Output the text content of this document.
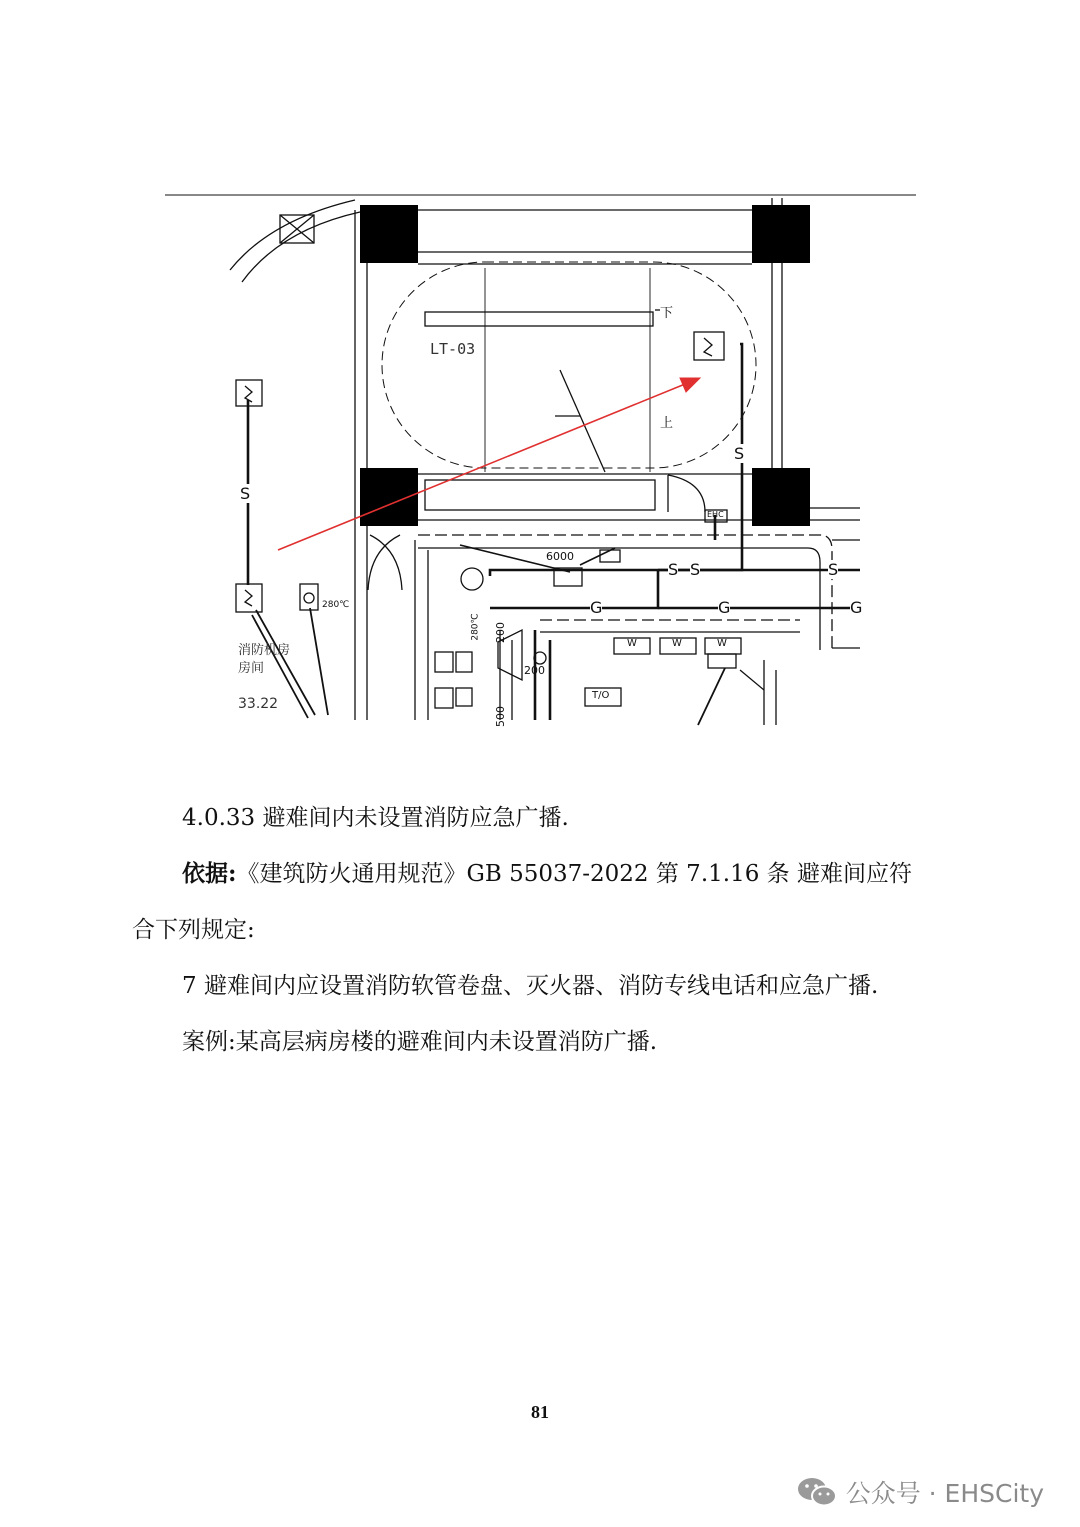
LT-03
下
上
S
S
S S	S
G	G	G
280℃
280℃ 200
200
6000
EHC
500
消防机房
房间
33.22
W	W	W
T/O

4.0.33 避难间内未设置消防应急广播.

依据:《建筑防火通用规范》GB 55037-2022 第 7.1.16 条 避难间应符

合下列规定:

7 避难间内应设置消防软管卷盘、灭火器、消防专线电话和应急广播.

案例:某高层病房楼的避难间内未设置消防广播.

81
公众号 · EHSCity
